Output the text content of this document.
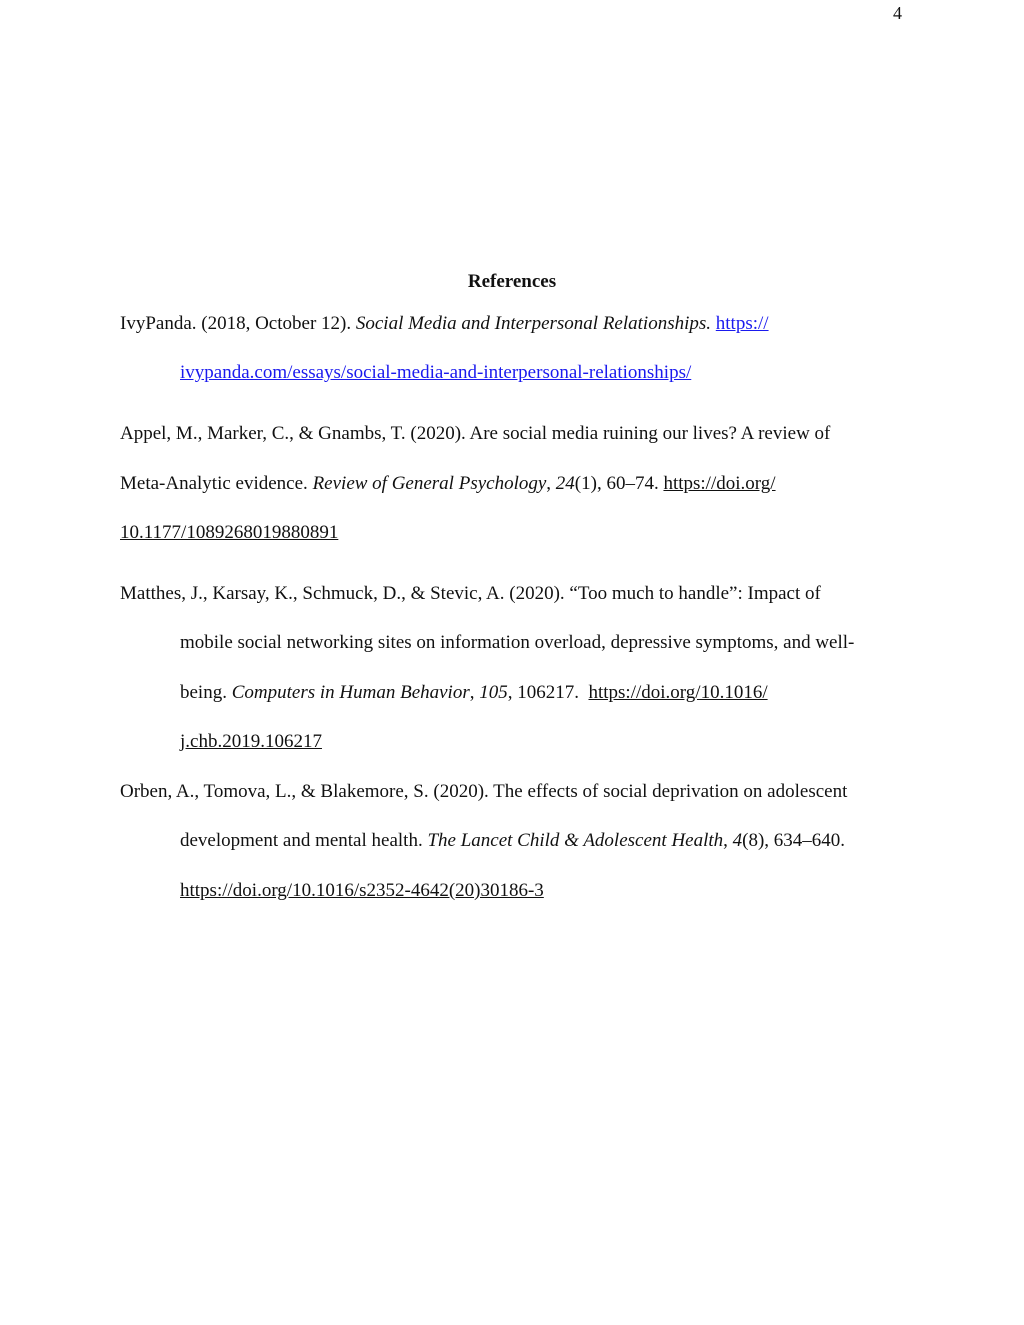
4
References
IvyPanda. (2018, October 12). Social Media and Interpersonal Relationships. https://
ivypanda.com/essays/social-media-and-interpersonal-relationships/
Appel, M., Marker, C., & Gnambs, T. (2020). Are social media ruining our lives? A review of
Meta-Analytic evidence. Review of General Psychology, 24(1), 60–74. https://doi.org/
10.1177/1089268019880891
Matthes, J., Karsay, K., Schmuck, D., & Stevic, A. (2020). “Too much to handle”: Impact of
mobile social networking sites on information overload, depressive symptoms, and well-
being. Computers in Human Behavior, 105, 106217.  https://doi.org/10.1016/
j.chb.2019.106217
Orben, A., Tomova, L., & Blakemore, S. (2020). The effects of social deprivation on adolescent
development and mental health. The Lancet Child & Adolescent Health, 4(8), 634–640.
https://doi.org/10.1016/s2352-4642(20)30186-3
